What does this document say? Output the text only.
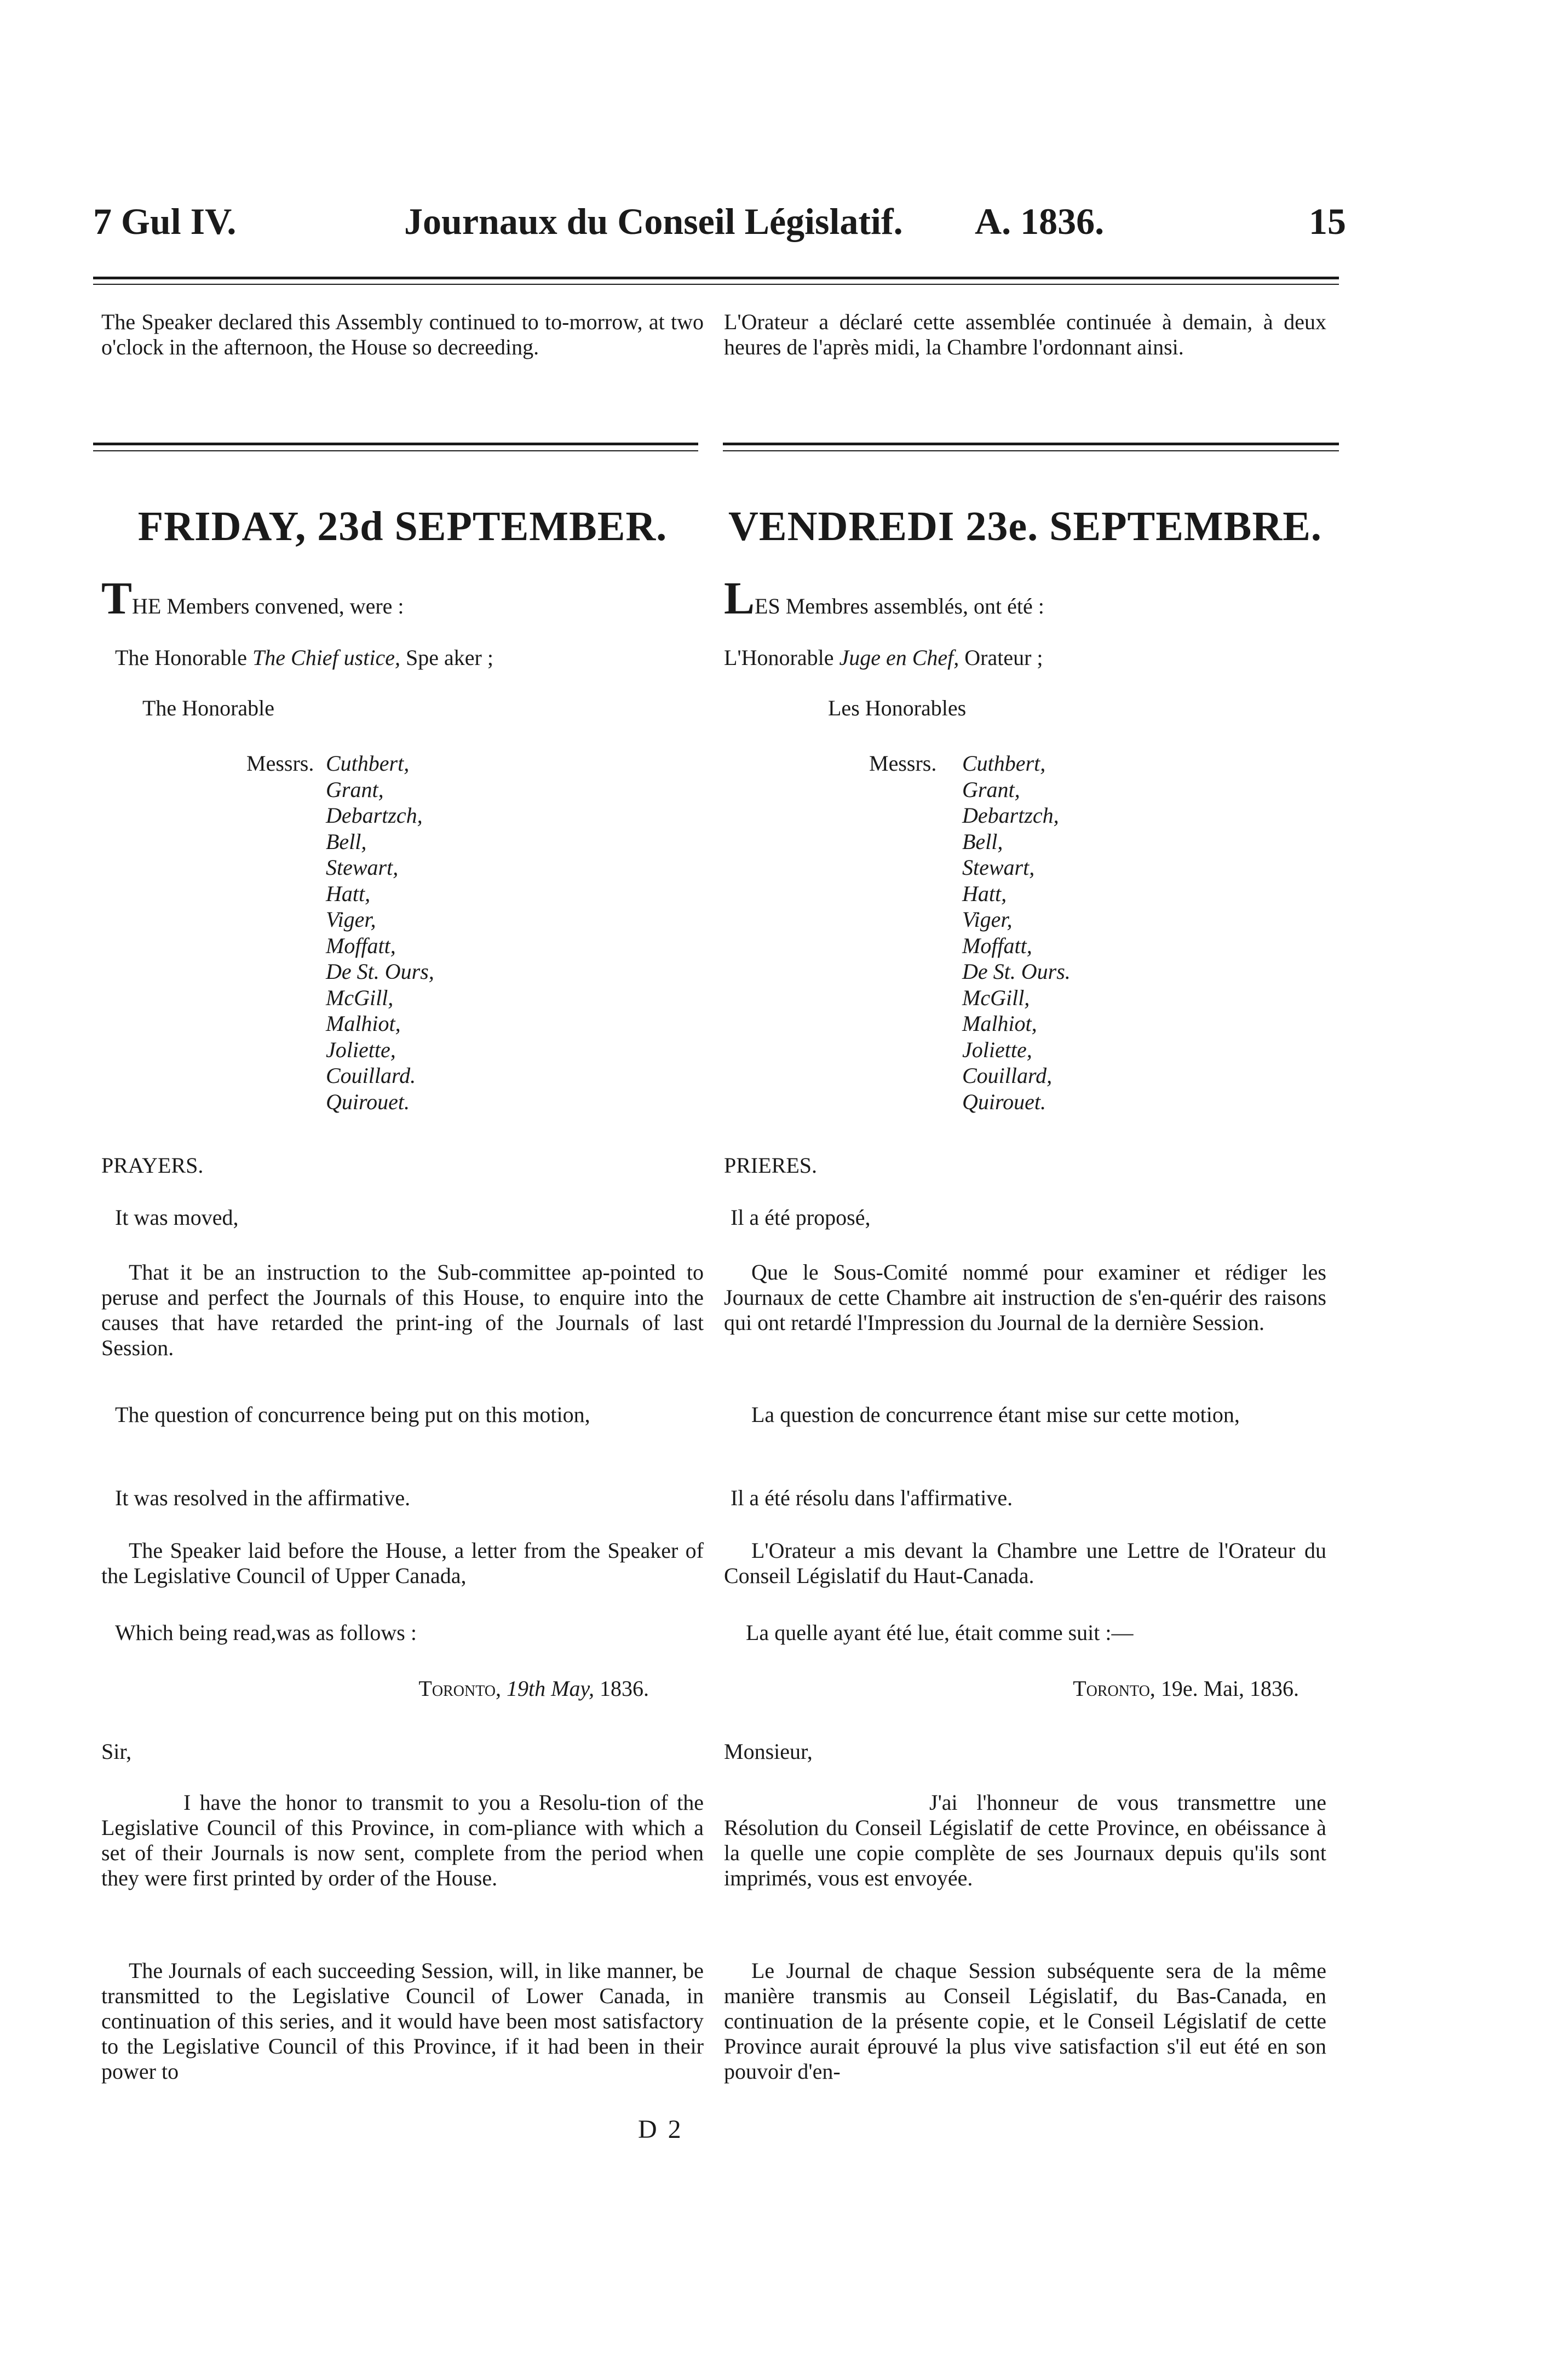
7 Gul IV.	Journaux du Conseil Législatif. A. 1836.	15

The Speaker declared this Assembly continued to to-morrow, at two o'clock in the afternoon, the House so decreeding.

FRIDAY, 23d SEPTEMBER.

THE Members convened, were :

The Honorable The Chief ustice, Spe aker ;

The Honorable

Messrs. Cuthbert,
Grant,
Debartzch,
Bell,
Stewart,
Hatt,
Viger,
Moffatt,
De St. Ours,
McGill,
Malhiot,
Joliette,
Couillard.
Quirouet.

PRAYERS.

It was moved,

That it be an instruction to the Sub-committee ap-pointed to peruse and perfect the Journals of this House, to enquire into the causes that have retarded the print-ing of the Journals of last Session.

The question of concurrence being put on this motion,

It was resolved in the affirmative.

The Speaker laid before the House, a letter from the Speaker of the Legislative Council of Upper Canada,

Which being read,was as follows :

Toronto, 19th May, 1836.

Sir,

I have the honor to transmit to you a Resolu-tion of the Legislative Council of this Province, in com-pliance with which a set of their Journals is now sent, complete from the period when they were first printed by order of the House.

The Journals of each succeeding Session, will, in like manner, be transmitted to the Legislative Council of Lower Canada, in continuation of this series, and it would have been most satisfactory to the Legislative Council of this Province, if it had been in their power to

L'Orateur a déclaré cette assemblée continuée à demain, à deux heures de l'après midi, la Chambre l'ordonnant ainsi.

VENDREDI 23e. SEPTEMBRE.

LES Membres assemblés, ont été :

L'Honorable Juge en Chef, Orateur ;

Les Honorables

Messrs. Cuthbert,
Grant,
Debartzch,
Bell,
Stewart,
Hatt,
Viger,
Moffatt,
De St. Ours.
McGill,
Malhiot,
Joliette,
Couillard,
Quirouet.

PRIERES.

Il a été proposé,

Que le Sous-Comité nommé pour examiner et rédiger les Journaux de cette Chambre ait instruction de s'en-quérir des raisons qui ont retardé l'Impression du Journal de la dernière Session.

La question de concurrence étant mise sur cette motion,

Il a été résolu dans l'affirmative.

L'Orateur a mis devant la Chambre une Lettre de l'Orateur du Conseil Législatif du Haut-Canada.

La quelle ayant été lue, était comme suit :—

Toronto, 19e. Mai, 1836.

Monsieur,

J'ai l'honneur de vous transmettre une Résolution du Conseil Législatif de cette Province, en obéissance à la quelle une copie complète de ses Journaux depuis qu'ils sont imprimés, vous est envoyée.

Le Journal de chaque Session subséquente sera de la même manière transmis au Conseil Législatif, du Bas-Canada, en continuation de la présente copie, et le Conseil Législatif de cette Province aurait éprouvé la plus vive satisfaction s'il eut été en son pouvoir d'en-

D 2
